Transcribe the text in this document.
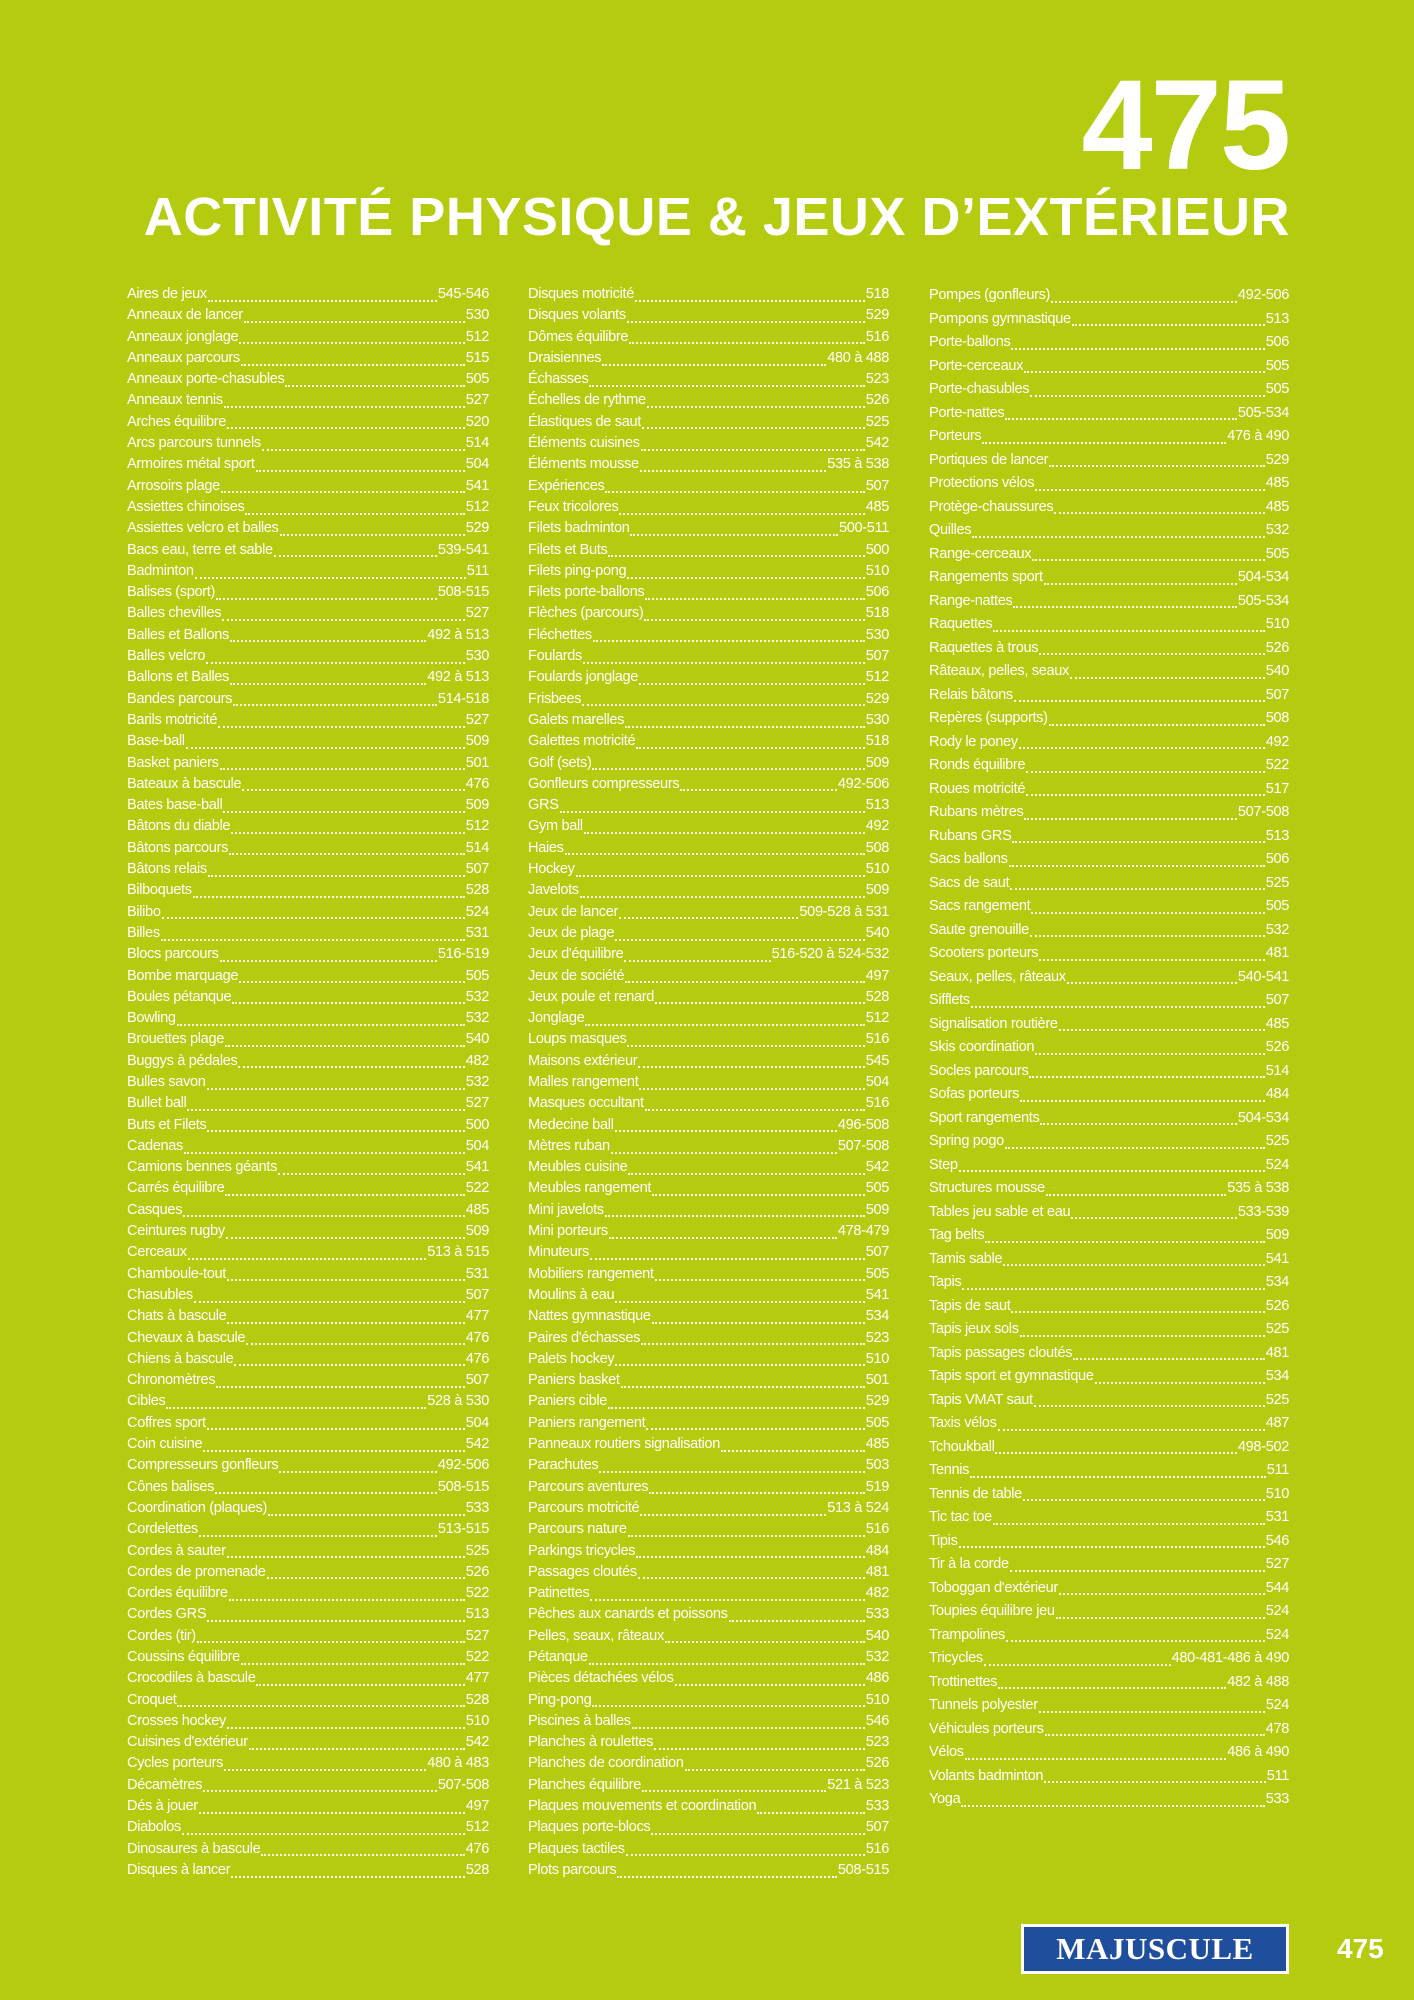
475
ACTIVITÉ PHYSIQUE & JEUX D’EXTÉRIEUR
Aires de jeux	545-546
Anneaux de lancer	530
Anneaux jonglage	512
Anneaux parcours	515
Anneaux porte-chasubles	505
Anneaux tennis	527
Arches équilibre	520
Arcs parcours tunnels	514
Armoires métal sport	504
Arrosoirs plage	541
Assiettes chinoises	512
Assiettes velcro et balles	529
Bacs eau, terre et sable	539-541
Badminton	511
Balises (sport)	508-515
Balles chevilles	527
Balles et Ballons	492 à 513
Balles velcro	530
Ballons et Balles	492 à 513
Bandes parcours	514-518
Barils motricité	527
Base-ball	509
Basket paniers	501
Bateaux à bascule	476
Bates base-ball	509
Bâtons du diable	512
Bâtons parcours	514
Bâtons relais	507
Bilboquets	528
Bilibo	524
Billes	531
Blocs parcours	516-519
Bombe marquage	505
Boules pétanque	532
Bowling	532
Brouettes plage	540
Buggys à pédales	482
Bulles savon	532
Bullet ball	527
Buts et Filets	500
Cadenas	504
Camions bennes géants	541
Carrés équilibre	522
Casques	485
Ceintures rugby	509
Cerceaux	513 à 515
Chamboule-tout	531
Chasubles	507
Chats à bascule	477
Chevaux à bascule	476
Chiens à bascule	476
Chronomètres	507
Cibles	528 à 530
Coffres sport	504
Coin cuisine	542
Compresseurs gonfleurs	492-506
Cônes balises	508-515
Coordination (plaques)	533
Cordelettes	513-515
Cordes à sauter	525
Cordes de promenade	526
Cordes équilibre	522
Cordes GRS	513
Cordes (tir)	527
Coussins équilibre	522
Crocodiles à bascule	477
Croquet	528
Crosses hockey	510
Cuisines d'extérieur	542
Cycles porteurs	480 à 483
Décamètres	507-508
Dés à jouer	497
Diabolos	512
Dinosaures à bascule	476
Disques à lancer	528
Disques motricité	518
Disques volants	529
Dômes équilibre	516
Draisiennes	480 à 488
Échasses	523
Échelles de rythme	526
Élastiques de saut	525
Éléments cuisines	542
Éléments mousse	535 à 538
Expériences	507
Feux tricolores	485
Filets badminton	500-511
Filets et Buts	500
Filets ping-pong	510
Filets porte-ballons	506
Flèches (parcours)	518
Fléchettes	530
Foulards	507
Foulards jonglage	512
Frisbees	529
Galets marelles	530
Galettes motricité	518
Golf (sets)	509
Gonfleurs compresseurs	492-506
GRS	513
Gym ball	492
Haies	508
Hockey	510
Javelots	509
Jeux de lancer	509-528 à 531
Jeux de plage	540
Jeux d'équilibre	516-520 à 524-532
Jeux de société	497
Jeux poule et renard	528
Jonglage	512
Loups masques	516
Maisons extérieur	545
Malles rangement	504
Masques occultant	516
Medecine ball	496-508
Mètres ruban	507-508
Meubles cuisine	542
Meubles rangement	505
Mini javelots	509
Mini porteurs	478-479
Minuteurs	507
Mobiliers rangement	505
Moulins à eau	541
Nattes gymnastique	534
Paires d'échasses	523
Palets hockey	510
Paniers basket	501
Paniers cible	529
Paniers rangement	505
Panneaux routiers signalisation	485
Parachutes	503
Parcours aventures	519
Parcours motricité	513 à 524
Parcours nature	516
Parkings tricycles	484
Passages cloutés	481
Patinettes	482
Pêches aux canards et poissons	533
Pelles, seaux, râteaux	540
Pétanque	532
Pièces détachées vélos	486
Ping-pong	510
Piscines à balles	546
Planches à roulettes	523
Planches de coordination	526
Planches équilibre	521 à 523
Plaques mouvements et coordination	533
Plaques porte-blocs	507
Plaques tactiles	516
Plots parcours	508-515
Pompes (gonfleurs)	492-506
Pompons gymnastique	513
Porte-ballons	506
Porte-cerceaux	505
Porte-chasubles	505
Porte-nattes	505-534
Porteurs	476 à 490
Portiques de lancer	529
Protections vélos	485
Protège-chaussures	485
Quilles	532
Range-cerceaux	505
Rangements sport	504-534
Range-nattes	505-534
Raquettes	510
Raquettes à trous	526
Râteaux, pelles, seaux	540
Relais bâtons	507
Repères (supports)	508
Rody le poney	492
Ronds équilibre	522
Roues motricité	517
Rubans mètres	507-508
Rubans GRS	513
Sacs ballons	506
Sacs de saut	525
Sacs rangement	505
Saute grenouille	532
Scooters porteurs	481
Seaux, pelles, râteaux	540-541
Sifflets	507
Signalisation routière	485
Skis coordination	526
Socles parcours	514
Sofas porteurs	484
Sport rangements	504-534
Spring pogo	525
Step	524
Structures mousse	535 à 538
Tables jeu sable et eau	533-539
Tag belts	509
Tamis sable	541
Tapis	534
Tapis de saut	526
Tapis jeux sols	525
Tapis passages cloutés	481
Tapis sport et gymnastique	534
Tapis VMAT saut	525
Taxis vélos	487
Tchoukball	498-502
Tennis	511
Tennis de table	510
Tic tac toe	531
Tipis	546
Tir à la corde	527
Toboggan d'extérieur	544
Toupies équilibre jeu	524
Trampolines	524
Tricycles	480-481-486 à 490
Trottinettes	482 à 488
Tunnels polyester	524
Véhicules porteurs	478
Vélos	486 à 490
Volants badminton	511
Yoga	533
MAJUSCULE	475
